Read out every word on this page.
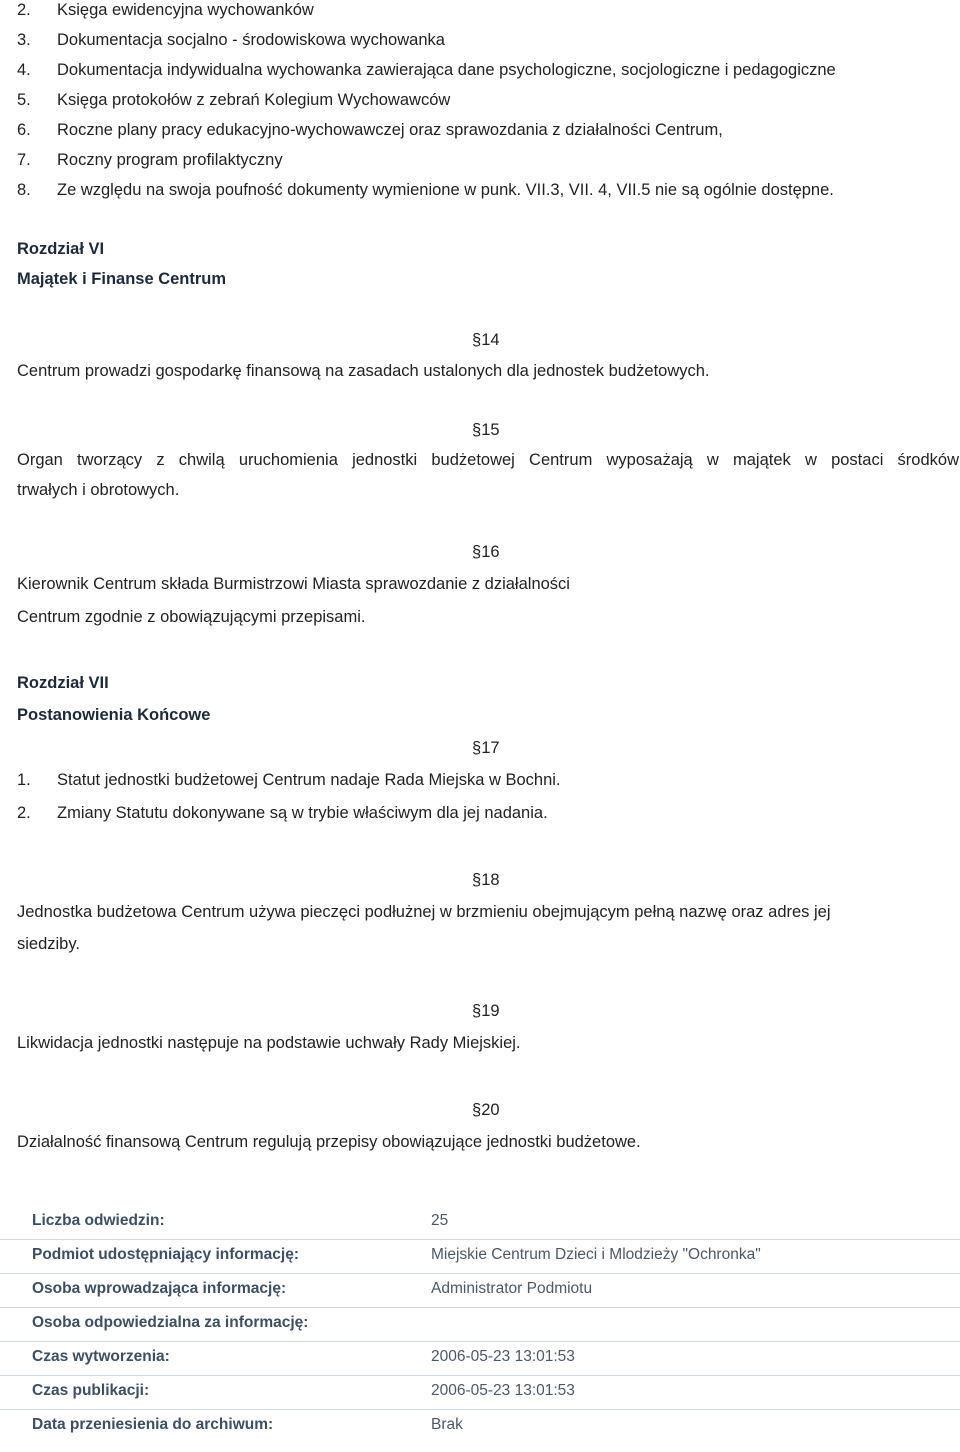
2. Księga ewidencyjna wychowanków
3. Dokumentacja socjalno - środowiskowa wychowanka
4. Dokumentacja indywidualna wychowanka zawierająca dane psychologiczne, socjologiczne i pedagogiczne
5. Księga protokołów z zebrań Kolegium Wychowawców
6. Roczne plany pracy edukacyjno-wychowawczej oraz sprawozdania z działalności Centrum,
7. Roczny program profilaktyczny
8. Ze względu na swoja poufność dokumenty wymienione w punk. VII.3, VII. 4, VII.5 nie są ogólnie dostępne.
Rozdział VI
Majątek i Finanse Centrum
§14
Centrum prowadzi gospodarkę finansową na zasadach ustalonych dla jednostek budżetowych.
§15
Organ tworzący z chwilą uruchomienia jednostki budżetowej Centrum wyposażają w majątek w postaci środków
trwałych i obrotowych.
§16
Kierownik Centrum składa Burmistrzowi Miasta sprawozdanie z działalności
Centrum zgodnie z obowiązującymi przepisami.
Rozdział VII
Postanowienia Końcowe
§17
1. Statut jednostki budżetowej Centrum nadaje Rada Miejska w Bochni.
2. Zmiany Statutu dokonywane są w trybie właściwym dla jej nadania.
§18
Jednostka budżetowa Centrum używa pieczęci podłużnej w brzmieniu obejmującym pełną nazwę oraz adres jej
siedziby.
§19
Likwidacja jednostki następuje na podstawie uchwały Rady Miejskiej.
§20
Działalność finansową Centrum regulują przepisy obowiązujące jednostki budżetowe.
Liczba odwiedzin:	25
Podmiot udostępniający informację:	Miejskie Centrum Dzieci i Mlodzieży "Ochronka"
Osoba wprowadzająca informację:	Administrator Podmiotu
Osoba odpowiedzialna za informację:
Czas wytworzenia:	2006-05-23 13:01:53
Czas publikacji:	2006-05-23 13:01:53
Data przeniesienia do archiwum:	Brak
